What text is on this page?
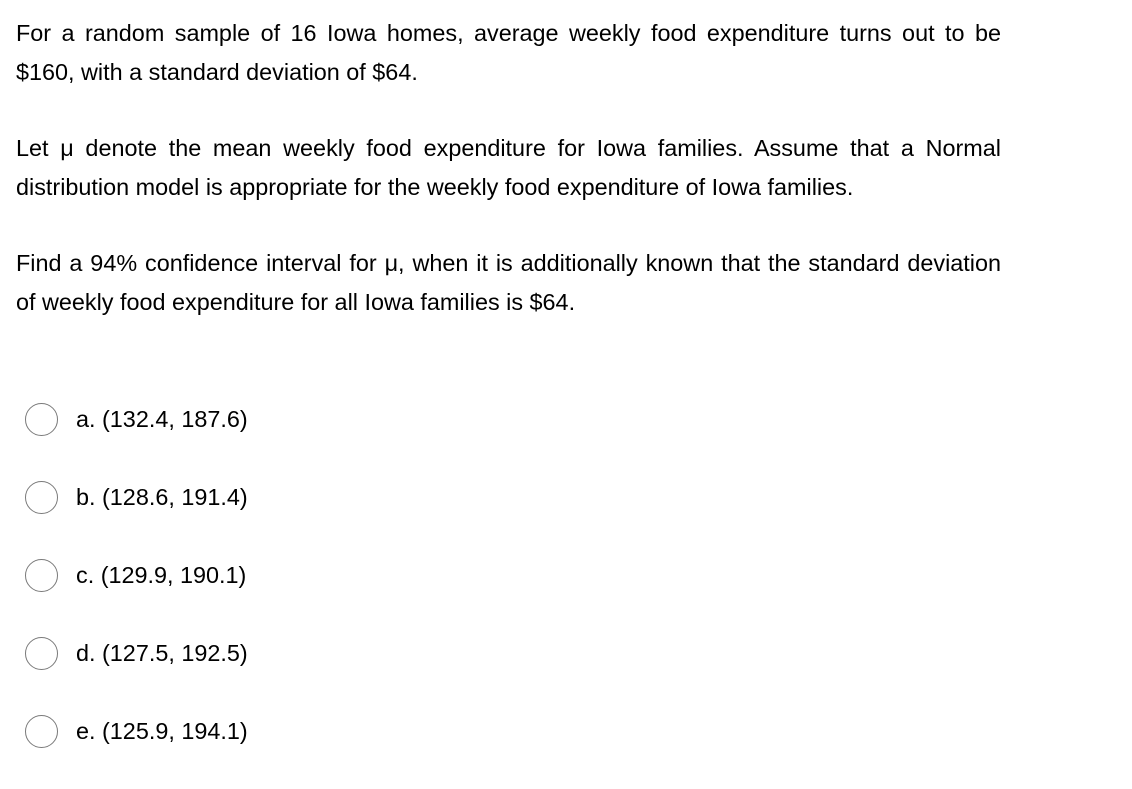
For a random sample of 16 Iowa homes, average weekly food expenditure turns out to be $160, with a standard deviation of $64.

Let μ denote the mean weekly food expenditure for Iowa families. Assume that a Normal distribution model is appropriate for the weekly food expenditure of Iowa families.

Find a 94% confidence interval for μ, when it is additionally known that the standard deviation of weekly food expenditure for all Iowa families is $64.

a. (132.4, 187.6)
b. (128.6, 191.4)
c. (129.9, 190.1)
d. (127.5, 192.5)
e. (125.9, 194.1)
